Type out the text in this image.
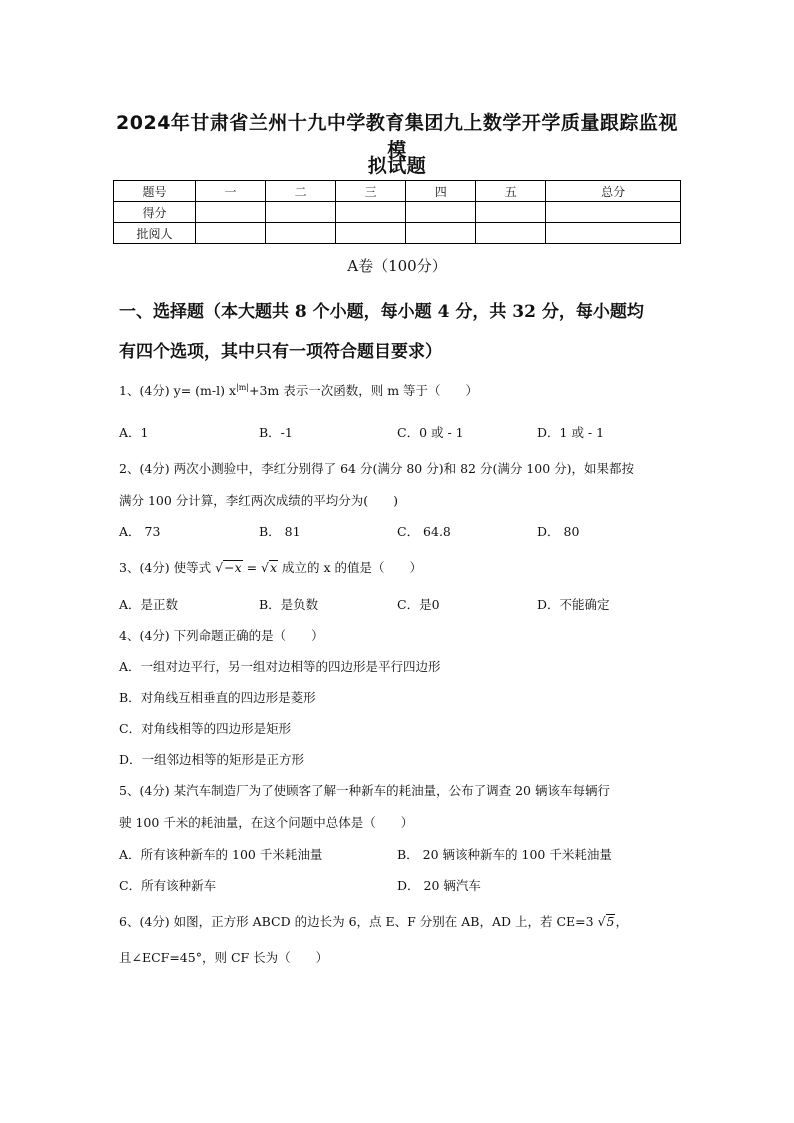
2024年甘肃省兰州十九中学教育集团九上数学开学质量跟踪监视模
拟试题
题号	一	二	三	四	五	总分
得分						
批阅人						
A卷（100分）
一、选择题（本大题共 8 个小题，每小题 4 分，共 32 分，每小题均
有四个选项，其中只有一项符合题目要求）
1、(4分) y= (m-l) $x^{|m|}+3m$ 表示一次函数，则 m 等于（　　）
A．1	B．-1	C．0 或 - 1	D．1 或 - 1
2、(4分) 两次小测验中，李红分别得了 64 分(满分 80 分)和 82 分(满分 100 分)，如果都按
满分 100 分计算，李红两次成绩的平均分为(　　)
A． 73	B． 81	C． 64.8	D． 80
3、(4分) 使等式 √−x = √x 成立的 x 的值是（　　）
A．是正数	B．是负数	C．是0	D．不能确定
4、(4分) 下列命题正确的是（　　）
A．一组对边平行，另一组对边相等的四边形是平行四边形
B．对角线互相垂直的四边形是菱形
C．对角线相等的四边形是矩形
D．一组邻边相等的矩形是正方形
5、(4分) 某汽车制造厂为了使顾客了解一种新车的耗油量，公布了调查 20 辆该车每辆行
驶 100 千米的耗油量，在这个问题中总体是（　　）
A．所有该种新车的 100 千米耗油量	B． 20 辆该种新车的 100 千米耗油量
C．所有该种新车	D． 20 辆汽车
6、(4分) 如图，正方形 ABCD 的边长为 6，点 E、F 分别在 AB，AD 上，若 CE=3 √5，
且∠ECF=45°，则 CF 长为（　　）
